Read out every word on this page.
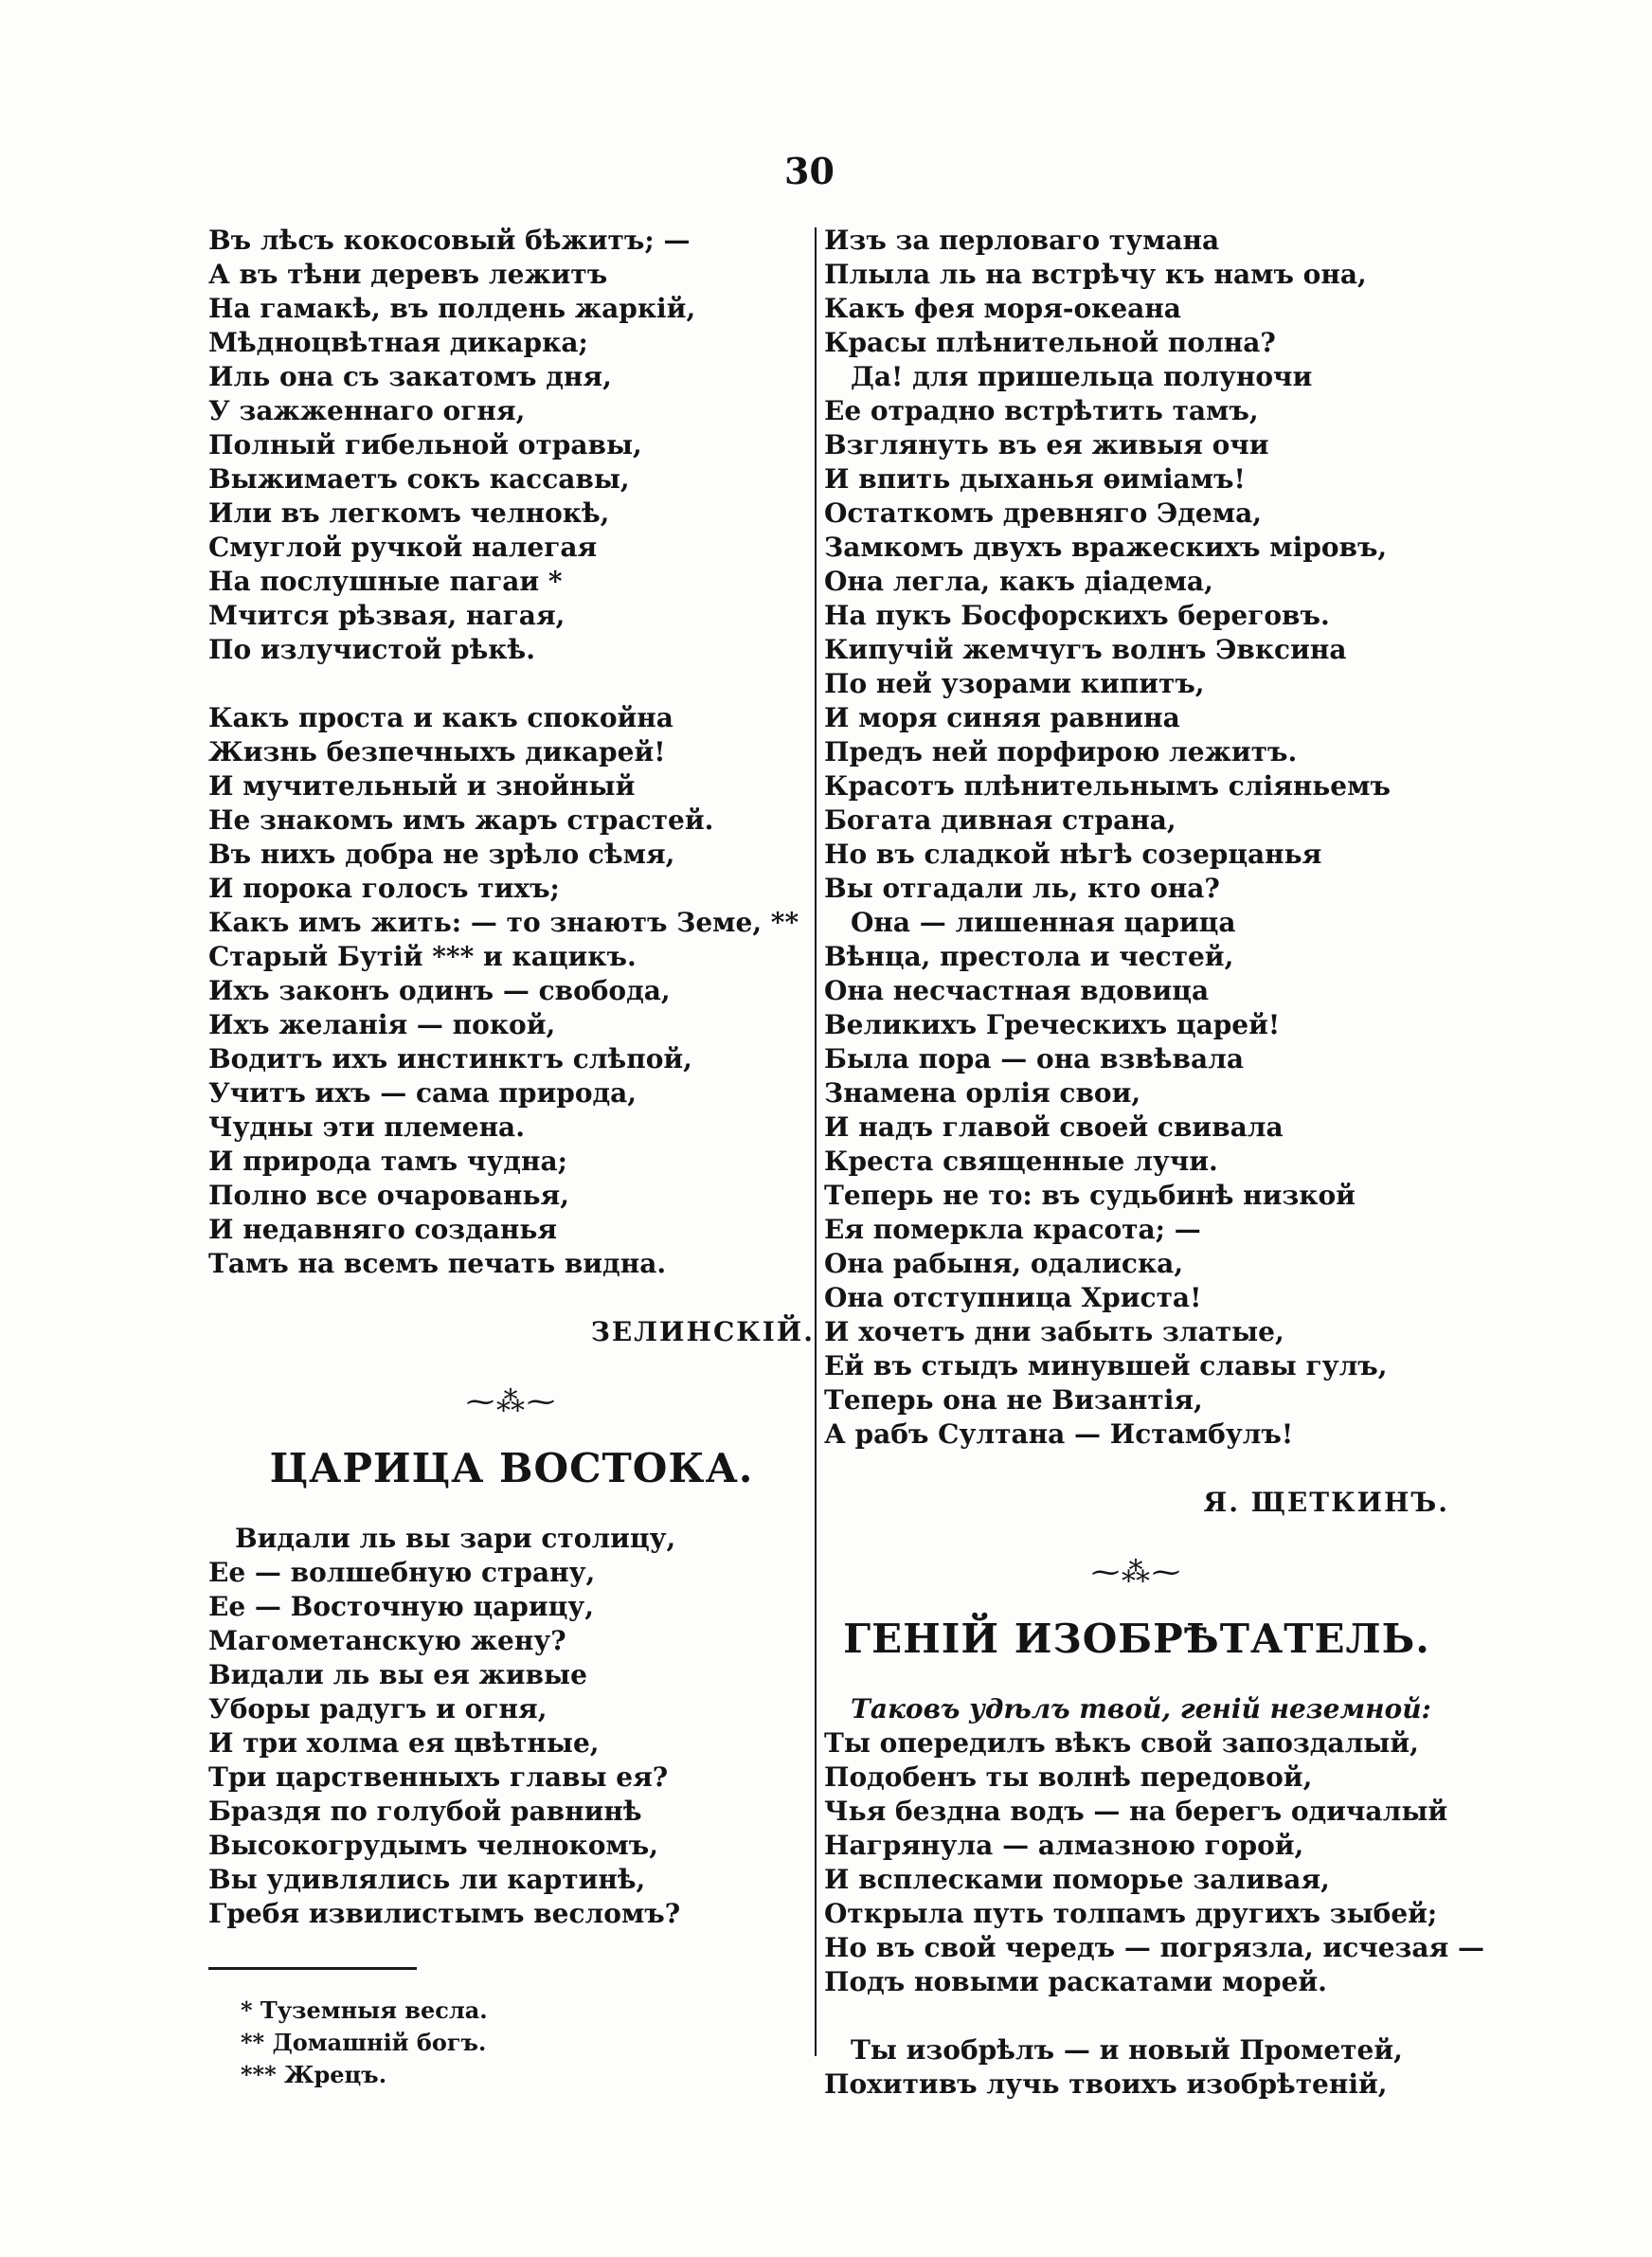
30
Въ лѣсъ кокосовый бѣжитъ; —
А въ тѣни деревъ лежитъ
На гамакѣ, въ полдень жаркій,
Мѣдноцвѣтная дикарка;
Иль она съ закатомъ дня,
У зажженнаго огня,
Полный гибельной отравы,
Выжимаетъ сокъ кассавы,
Или въ легкомъ челнокѣ,
Смуглой ручкой налегая
На послушные пагаи *
Мчится рѣзвая, нагая,
По излучистой рѣкѣ.
Какъ проста и какъ спокойна
Жизнь безпечныхъ дикарей!
И мучительный и знойный
Не знакомъ имъ жаръ страстей.
Въ нихъ добра не зрѣло сѣмя,
И порока голосъ тихъ;
Какъ имъ жить: — то знаютъ Земе, **
Старый Бутій *** и кацикъ.
Ихъ законъ одинъ — свобода,
Ихъ желанія — покой,
Водитъ ихъ инстинктъ слѣпой,
Учитъ ихъ — сама природа,
Чудны эти племена.
И природа тамъ чудна;
Полно все очарованья,
И недавняго созданья
Тамъ на всемъ печать видна.
ЗЕЛИНСКІЙ.
⁓⁂⁓
ЦАРИЦА ВОСТОКА.
Видали ль вы зари столицу,
Ее — волшебную страну,
Ее — Восточную царицу,
Магометанскую жену?
Видали ль вы ея живые
Уборы радугъ и огня,
И три холма ея цвѣтные,
Три царственныхъ главы ея?
Браздя по голубой равнинѣ
Высокогрудымъ челнокомъ,
Вы удивлялись ли картинѣ,
Гребя извилистымъ весломъ?
* Туземныя весла.
** Домашній богъ.
*** Жрецъ.
Изъ за перловаго тумана
Плыла ль на встрѣчу къ намъ она,
Какъ фея моря-океана
Красы плѣнительной полна?
Да! для пришельца полуночи
Ее отрадно встрѣтить тамъ,
Взглянуть въ ея живыя очи
И впить дыханья ѳиміамъ!
Остаткомъ древняго Эдема,
Замкомъ двухъ вражескихъ міровъ,
Она легла, какъ діадема,
На пукъ Босфорскихъ береговъ.
Кипучій жемчугъ волнъ Эвксина
По ней узорами кипитъ,
И моря синяя равнина
Предъ ней порфирою лежитъ.
Красотъ плѣнительнымъ сліяньемъ
Богата дивная страна,
Но въ сладкой нѣгѣ созерцанья
Вы отгадали ль, кто она?
Она — лишенная царица
Вѣнца, престола и честей,
Она несчастная вдовица
Великихъ Греческихъ царей!
Была пора — она взвѣвала
Знамена орлія свои,
И надъ главой своей свивала
Креста священные лучи.
Теперь не то: въ судьбинѣ низкой
Ея померкла красота; —
Она рабыня, одалиска,
Она отступница Христа!
И хочетъ дни забыть златые,
Ей въ стыдъ минувшей славы гулъ,
Теперь она не Византія,
А рабъ Султана — Истамбулъ!
Я. ЩЕТКИНЪ.
⁓⁂⁓
ГЕНІЙ ИЗОБРѢТАТЕЛЬ.
Таковъ удѣлъ твой, геній неземной:
Ты опередилъ вѣкъ свой запоздалый,
Подобенъ ты волнѣ передовой,
Чья бездна водъ — на берегъ одичалый
Нагрянула — алмазною горой,
И всплесками поморье заливая,
Открыла путь толпамъ другихъ зыбей;
Но въ свой чередъ — погрязла, исчезая —
Подъ новыми раскатами морей.
Ты изобрѣлъ — и новый Прометей,
Похитивъ лучь твоихъ изобрѣтеній,
